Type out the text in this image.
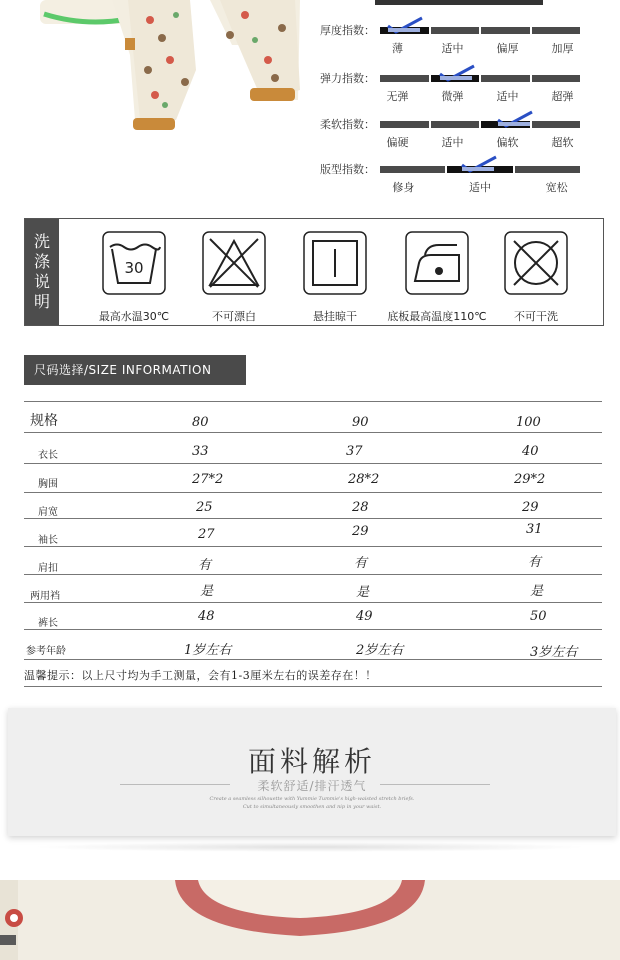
厚度指数：
薄	适中	偏厚	加厚
弹力指数：
无弹	微弹	适中	超弹
柔软指数：
偏硬	适中	偏软	超软
版型指数：
修身	适中	宽松
洗
涤
说
明
30
最高水温30℃	不可漂白	悬挂晾干	底板最高温度110℃	不可干洗
尺码选择/SIZE INFORMATION
规格	80	90	100
衣长	33	37	40
胸围	27*2	28*2	29*2
肩宽	25	28	29
袖长	27	29	31
肩扣	有	有	有
两用裆	是	是	是
裤长	48	49	50
参考年龄	1岁左右	2岁左右	3岁左右
温馨提示：以上尺寸均为手工测量，会有1-3厘米左右的误差存在！！
面料解析
柔软舒适/排汗透气
Create a seamless silhouette with Yummie Tummie's high-waisted stretch briefs.
Cut to simultaneously smoothen and nip in your waist.
